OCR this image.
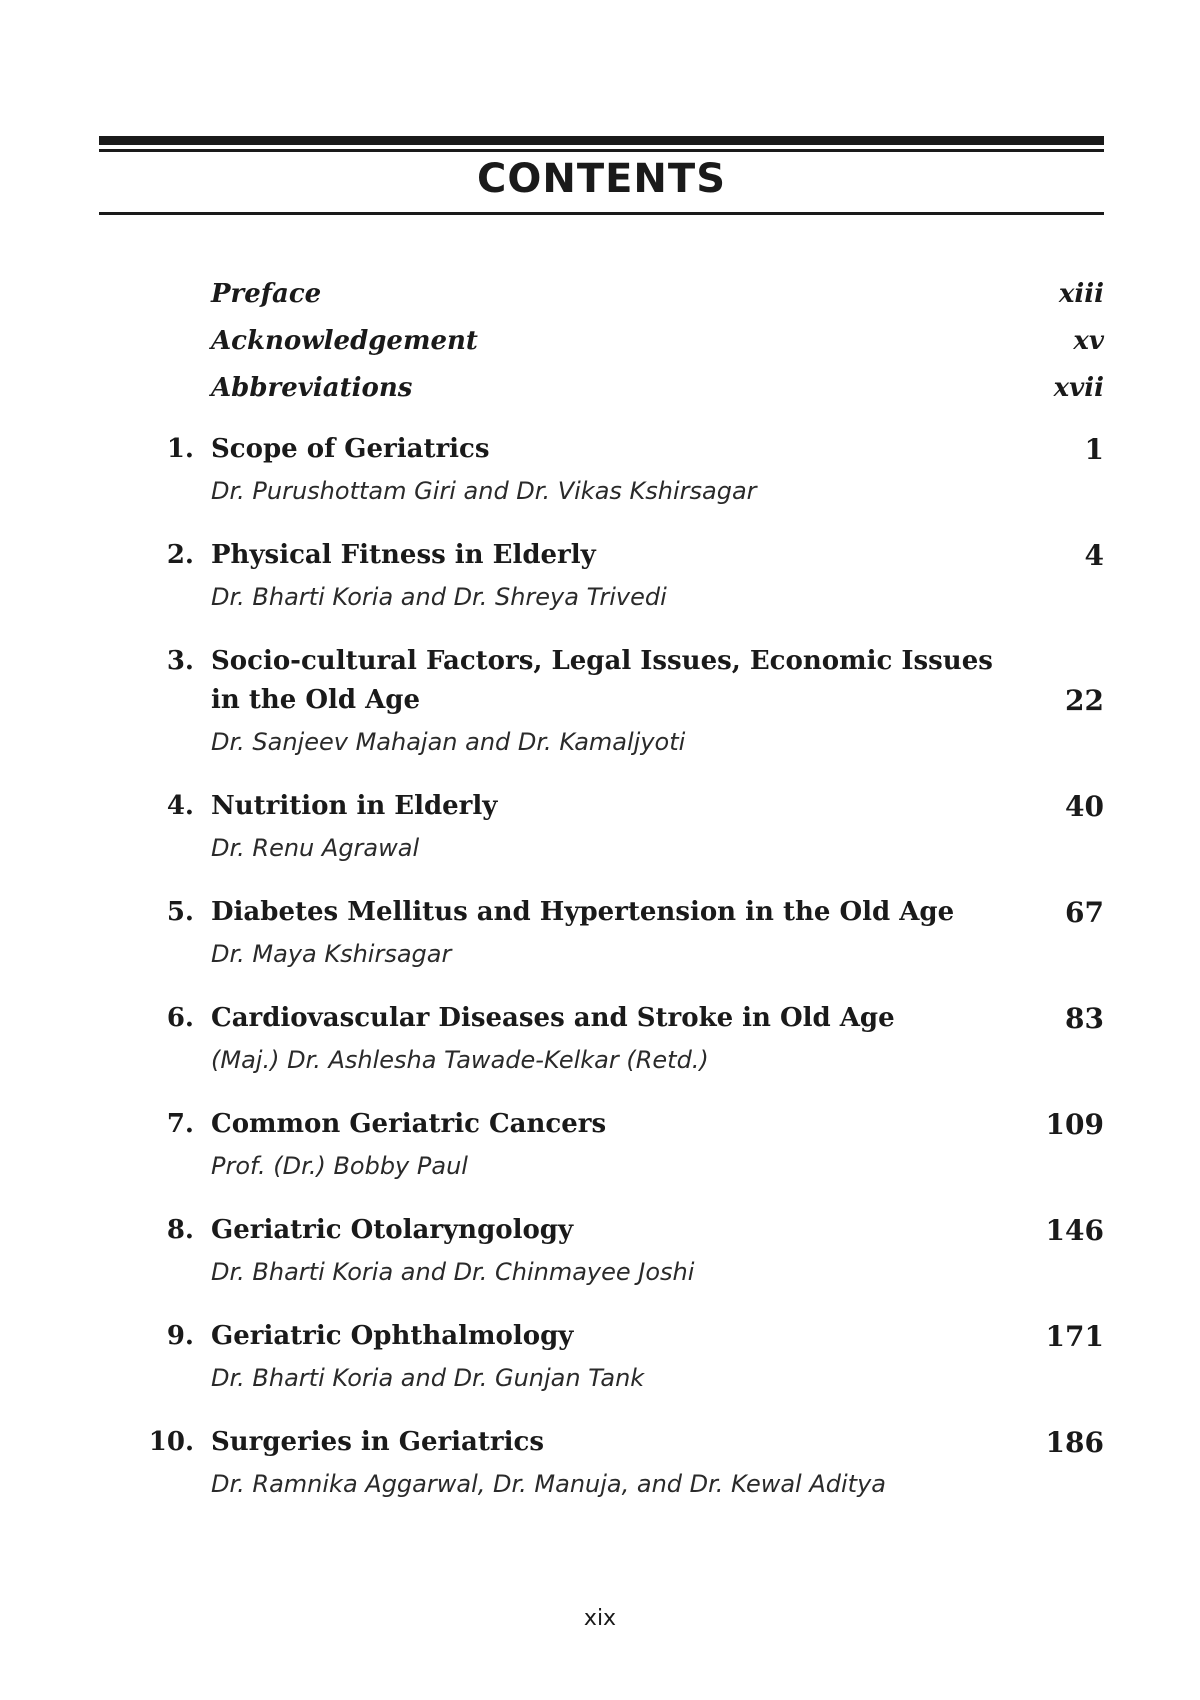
CONTENTS
Preface	xiii
Acknowledgement	xv
Abbreviations	xvii
1. Scope of Geriatrics	1
Dr. Purushottam Giri and Dr. Vikas Kshirsagar
2. Physical Fitness in Elderly	4
Dr. Bharti Koria and Dr. Shreya Trivedi
3. Socio-cultural Factors, Legal Issues, Economic Issues in the Old Age	22
Dr. Sanjeev Mahajan and Dr. Kamaljyoti
4. Nutrition in Elderly	40
Dr. Renu Agrawal
5. Diabetes Mellitus and Hypertension in the Old Age	67
Dr. Maya Kshirsagar
6. Cardiovascular Diseases and Stroke in Old Age	83
(Maj.) Dr. Ashlesha Tawade-Kelkar (Retd.)
7. Common Geriatric Cancers	109
Prof. (Dr.) Bobby Paul
8. Geriatric Otolaryngology	146
Dr. Bharti Koria and Dr. Chinmayee Joshi
9. Geriatric Ophthalmology	171
Dr. Bharti Koria and Dr. Gunjan Tank
10. Surgeries in Geriatrics	186
Dr. Ramnika Aggarwal, Dr. Manuja, and Dr. Kewal Aditya
xix
